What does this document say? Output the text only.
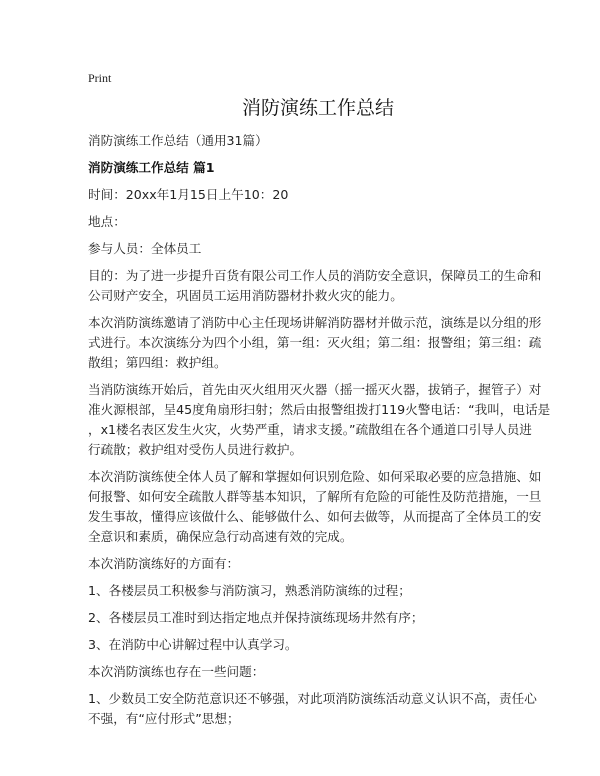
Print
消防演练工作总结

消防演练工作总结（通用31篇）

消防演练工作总结 篇1

时间：20xx年1月15日上午10：20

地点：

参与人员：全体员工

目的：为了进一步提升百货有限公司工作人员的消防安全意识，保障员工的生命和
公司财产安全，巩固员工运用消防器材扑救火灾的能力。

本次消防演练邀请了消防中心主任现场讲解消防器材并做示范，演练是以分组的形
式进行。本次演练分为四个小组，第一组：灭火组；第二组：报警组；第三组：疏
散组；第四组：救护组。

当消防演练开始后，首先由灭火组用灭火器（摇一摇灭火器，拔销子，握管子）对
准火源根部，呈45度角扇形扫射；然后由报警组拨打119火警电话：“我叫，电话是
，x1楼名表区发生火灾，火势严重，请求支援。”疏散组在各个通道口引导人员进
行疏散；救护组对受伤人员进行救护。

本次消防演练使全体人员了解和掌握如何识别危险、如何采取必要的应急措施、如
何报警、如何安全疏散人群等基本知识，了解所有危险的可能性及防范措施，一旦
发生事故，懂得应该做什么、能够做什么、如何去做等，从而提高了全体员工的安
全意识和素质，确保应急行动高速有效的完成。

本次消防演练好的方面有：

1、各楼层员工积极参与消防演习，熟悉消防演练的过程；

2、各楼层员工准时到达指定地点并保持演练现场井然有序；

3、在消防中心讲解过程中认真学习。

本次消防演练也存在一些问题：

1、少数员工安全防范意识还不够强，对此项消防演练活动意义认识不高，责任心
不强，有“应付形式”思想；
